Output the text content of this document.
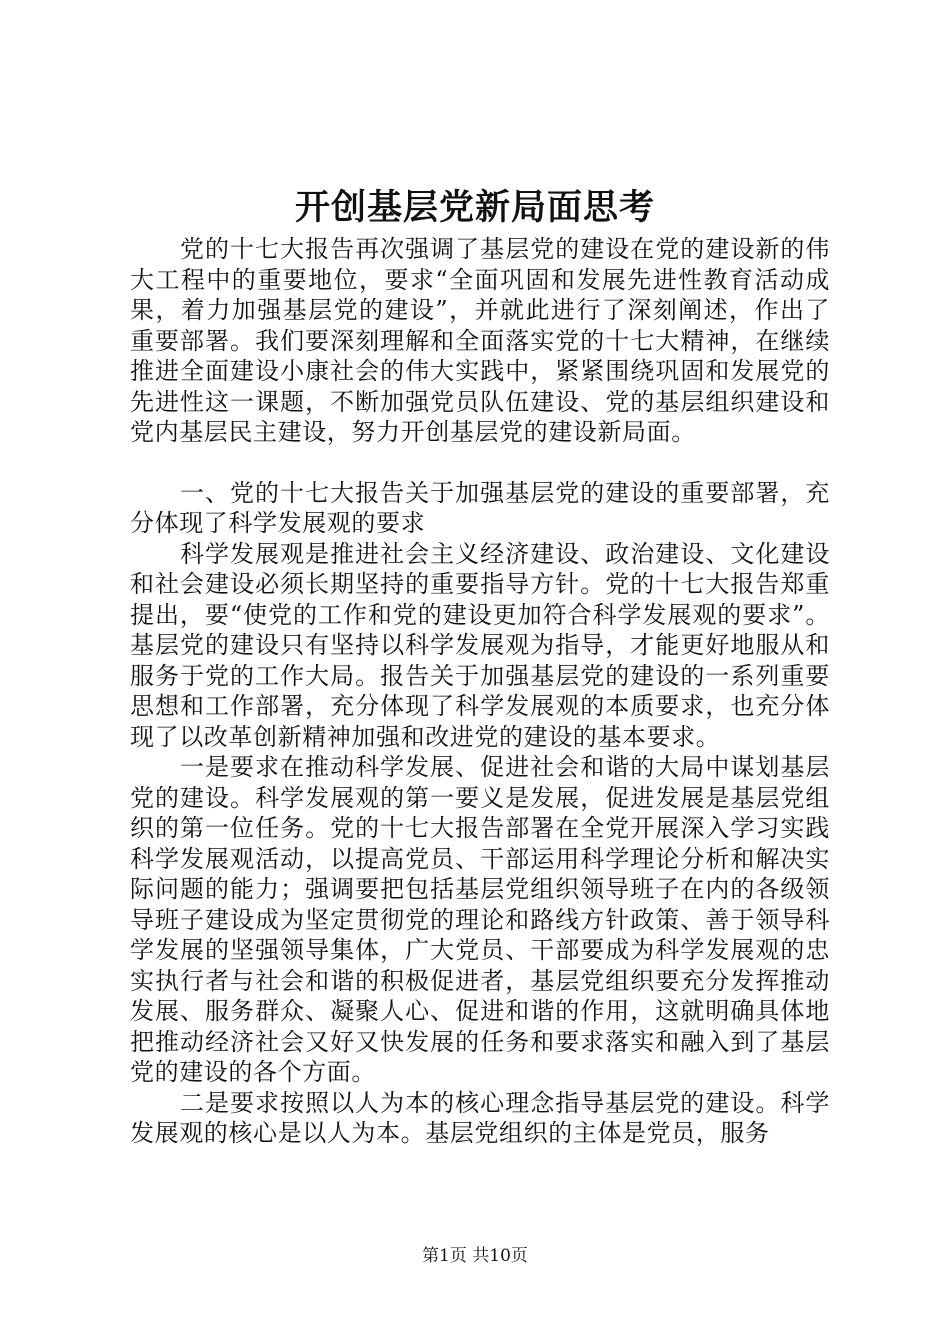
开创基层党新局面思考

党的十七大报告再次强调了基层党的建设在党的建设新的伟大工程中的重要地位，要求“全面巩固和发展先进性教育活动成果，着力加强基层党的建设”，并就此进行了深刻阐述，作出了重要部署。我们要深刻理解和全面落实党的十七大精神，在继续推进全面建设小康社会的伟大实践中，紧紧围绕巩固和发展党的先进性这一课题，不断加强党员队伍建设、党的基层组织建设和党内基层民主建设，努力开创基层党的建设新局面。

一、党的十七大报告关于加强基层党的建设的重要部署，充分体现了科学发展观的要求

科学发展观是推进社会主义经济建设、政治建设、文化建设和社会建设必须长期坚持的重要指导方针。党的十七大报告郑重提出，要“使党的工作和党的建设更加符合科学发展观的要求”。基层党的建设只有坚持以科学发展观为指导，才能更好地服从和服务于党的工作大局。报告关于加强基层党的建设的一系列重要思想和工作部署，充分体现了科学发展观的本质要求，也充分体现了以改革创新精神加强和改进党的建设的基本要求。

一是要求在推动科学发展、促进社会和谐的大局中谋划基层党的建设。科学发展观的第一要义是发展，促进发展是基层党组织的第一位任务。党的十七大报告部署在全党开展深入学习实践科学发展观活动，以提高党员、干部运用科学理论分析和解决实际问题的能力；强调要把包括基层党组织领导班子在内的各级领导班子建设成为坚定贯彻党的理论和路线方针政策、善于领导科学发展的坚强领导集体，广大党员、干部要成为科学发展观的忠实执行者与社会和谐的积极促进者，基层党组织要充分发挥推动发展、服务群众、凝聚人心、促进和谐的作用，这就明确具体地把推动经济社会又好又快发展的任务和要求落实和融入到了基层党的建设的各个方面。

二是要求按照以人为本的核心理念指导基层党的建设。科学发展观的核心是以人为本。基层党组织的主体是党员，服务

第1页 共10页
